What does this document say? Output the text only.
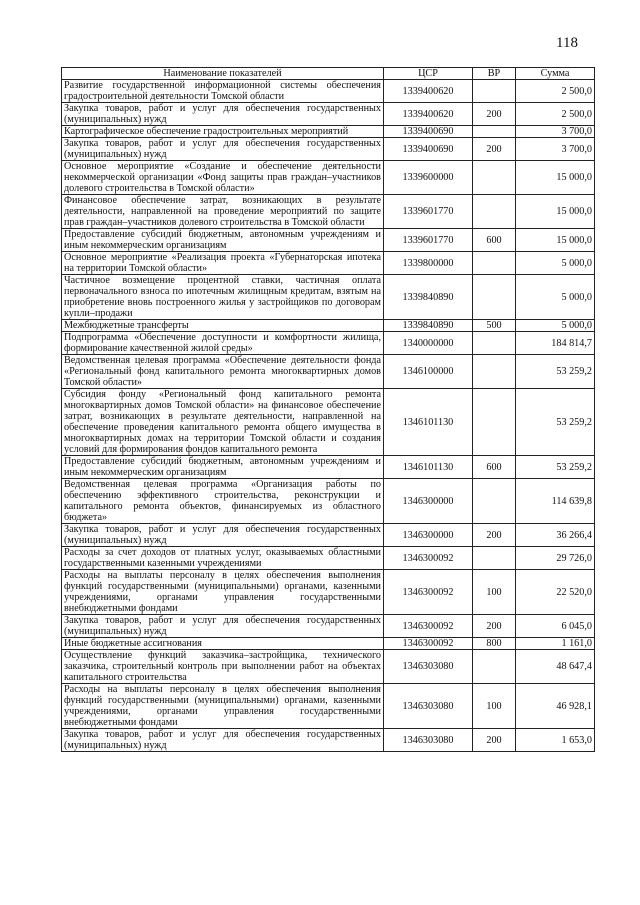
118
Наименование показателей	ЦСР	ВР	Сумма
Развитие государственной информационной системы обеспечения градостроительной деятельности Томской области	1339400620		2 500,0
Закупка товаров, работ и услуг для обеспечения государственных (муниципальных) нужд	1339400620	200	2 500,0
Картографическое обеспечение градостроительных мероприятий	1339400690		3 700,0
Закупка товаров, работ и услуг для обеспечения государственных (муниципальных) нужд	1339400690	200	3 700,0
Основное мероприятие «Создание и обеспечение деятельности некоммерческой организации «Фонд защиты прав граждан–участников долевого строительства в Томской области»	1339600000		15 000,0
Финансовое обеспечение затрат, возникающих в результате деятельности, направленной на проведение мероприятий по защите прав граждан–участников долевого строительства в Томской области	1339601770		15 000,0
Предоставление субсидий бюджетным, автономным учреждениям и иным некоммерческим организациям	1339601770	600	15 000,0
Основное мероприятие «Реализация проекта «Губернаторская ипотека на территории Томской области»	1339800000		5 000,0
Частичное возмещение процентной ставки, частичная оплата первоначального взноса по ипотечным жилищным кредитам, взятым на приобретение вновь построенного жилья у застройщиков по договорам купли–продажи	1339840890		5 000,0
Межбюджетные трансферты	1339840890	500	5 000,0
Подпрограмма «Обеспечение доступности и комфортности жилища, формирование качественной жилой среды»	1340000000		184 814,7
Ведомственная целевая программа «Обеспечение деятельности фонда «Региональный фонд капитального ремонта многоквартирных домов Томской области»	1346100000		53 259,2
Субсидия фонду «Региональный фонд капитального ремонта многоквартирных домов Томской области» на финансовое обеспечение затрат, возникающих в результате деятельности, направленной на обеспечение проведения капитального ремонта общего имущества в многоквартирных домах на территории Томской области и создания условий для формирования фондов капитального ремонта	1346101130		53 259,2
Предоставление субсидий бюджетным, автономным учреждениям и иным некоммерческим организациям	1346101130	600	53 259,2
Ведомственная целевая программа «Организация работы по обеспечению эффективного строительства, реконструкции и капитального ремонта объектов, финансируемых из областного бюджета»	1346300000		114 639,8
Закупка товаров, работ и услуг для обеспечения государственных (муниципальных) нужд	1346300000	200	36 266,4
Расходы за счет доходов от платных услуг, оказываемых областными государственными казенными учреждениями	1346300092		29 726,0
Расходы на выплаты персоналу в целях обеспечения выполнения функций государственными (муниципальными) органами, казенными учреждениями, органами управления государственными внебюджетными фондами	1346300092	100	22 520,0
Закупка товаров, работ и услуг для обеспечения государственных (муниципальных) нужд	1346300092	200	6 045,0
Иные бюджетные ассигнования	1346300092	800	1 161,0
Осуществление функций заказчика–застройщика, технического заказчика, строительный контроль при выполнении работ на объектах капитального строительства	1346303080		48 647,4
Расходы на выплаты персоналу в целях обеспечения выполнения функций государственными (муниципальными) органами, казенными учреждениями, органами управления государственными внебюджетными фондами	1346303080	100	46 928,1
Закупка товаров, работ и услуг для обеспечения государственных (муниципальных) нужд	1346303080	200	1 653,0
